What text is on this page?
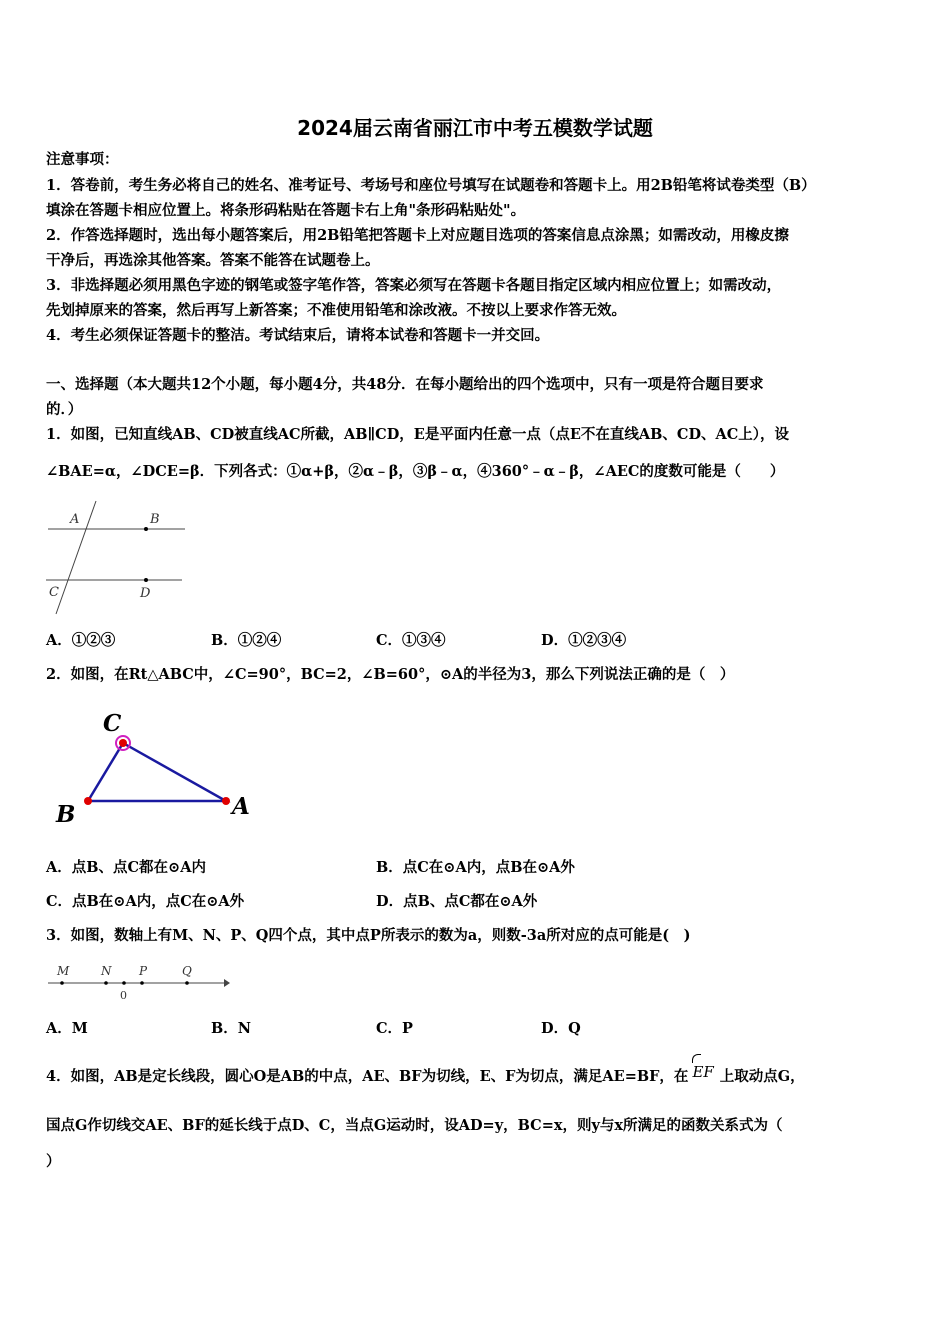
2024届云南省丽江市中考五模数学试题
注意事项：
1．答卷前，考生务必将自己的姓名、准考证号、考场号和座位号填写在试题卷和答题卡上。用2B铅笔将试卷类型（B）
填涂在答题卡相应位置上。将条形码粘贴在答题卡右上角"条形码粘贴处"。
2．作答选择题时，选出每小题答案后，用2B铅笔把答题卡上对应题目选项的答案信息点涂黑；如需改动，用橡皮擦
干净后，再选涂其他答案。答案不能答在试题卷上。
3．非选择题必须用黑色字迹的钢笔或签字笔作答，答案必须写在答题卡各题目指定区域内相应位置上；如需改动，
先划掉原来的答案，然后再写上新答案；不准使用铅笔和涂改液。不按以上要求作答无效。
4．考生必须保证答题卡的整洁。考试结束后，请将本试卷和答题卡一并交回。
一、选择题（本大题共12个小题，每小题4分，共48分．在每小题给出的四个选项中，只有一项是符合题目要求
的．）
1．如图，已知直线AB、CD被直线AC所截，AB∥CD，E是平面内任意一点（点E不在直线AB、CD、AC上），设
∠BAE=α，∠DCE=β．下列各式：①α+β，②α﹣β，③β﹣α，④360°﹣α﹣β，∠AEC的度数可能是（　　）
A	B
C	D
A．①②③	B．①②④	C．①③④	D．①②③④
2．如图，在Rt△ABC中，∠C=90°，BC=2，∠B=60°，⊙A的半径为3，那么下列说法正确的是（　）
C
B	A
A．点B、点C都在⊙A内	B．点C在⊙A内，点B在⊙A外
C．点B在⊙A内，点C在⊙A外	D．点B、点C都在⊙A外
3．如图，数轴上有M、N、P、Q四个点，其中点P所表示的数为a，则数-3a所对应的点可能是(　)
M	N P	Q
0
A．M	B．N	C．P	D．Q
4．如图，AB是定长线段，圆心O是AB的中点，AE、BF为切线，E、F为切点，满足AE=BF，在 EF 上取动点G，
国点G作切线交AE、BF的延长线于点D、C，当点G运动时，设AD=y，BC=x，则y与x所满足的函数关系式为（
）
